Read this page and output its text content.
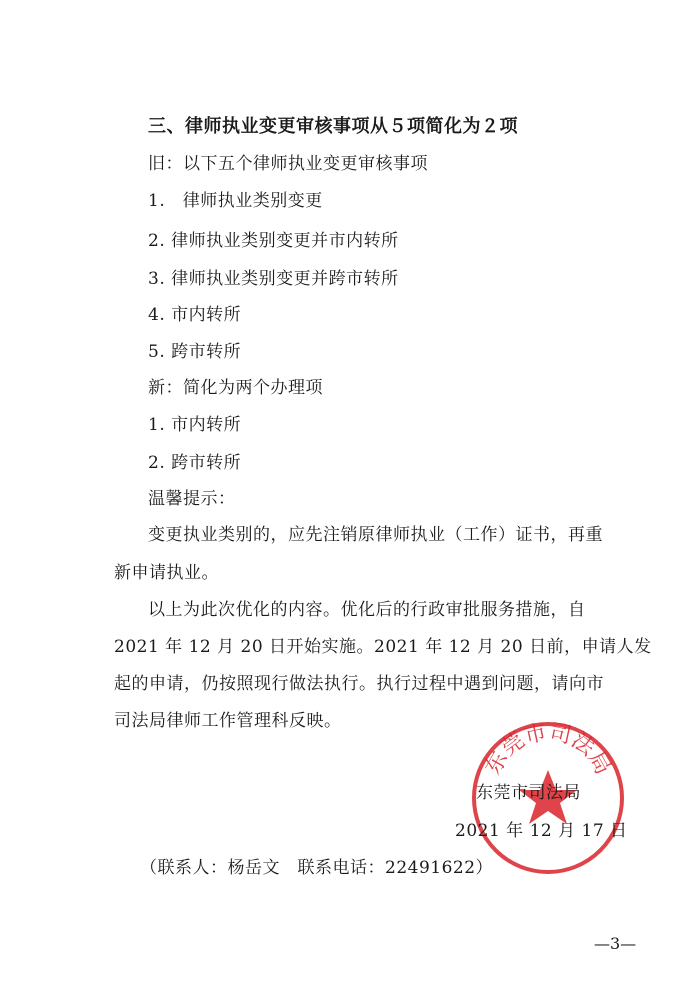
三、律师执业变更审核事项从５项简化为２项
旧：以下五个律师执业变更审核事项
1.　律师执业类别变更
2. 律师执业类别变更并市内转所
3. 律师执业类别变更并跨市转所
4. 市内转所
5. 跨市转所
新：简化为两个办理项
1. 市内转所
2. 跨市转所
温馨提示：
变更执业类别的，应先注销原律师执业（工作）证书，再重
新申请执业。
以上为此次优化的内容。优化后的行政审批服务措施，自
2021 年 12 月 20 日开始实施。2021 年 12 月 20 日前，申请人发
起的申请，仍按照现行做法执行。执行过程中遇到问题，请向市
司法局律师工作管理科反映。
东莞市司法局
东莞市司法局
2021 年 12 月 17 日
（联系人：杨岳文　联系电话：22491622）
—3—
